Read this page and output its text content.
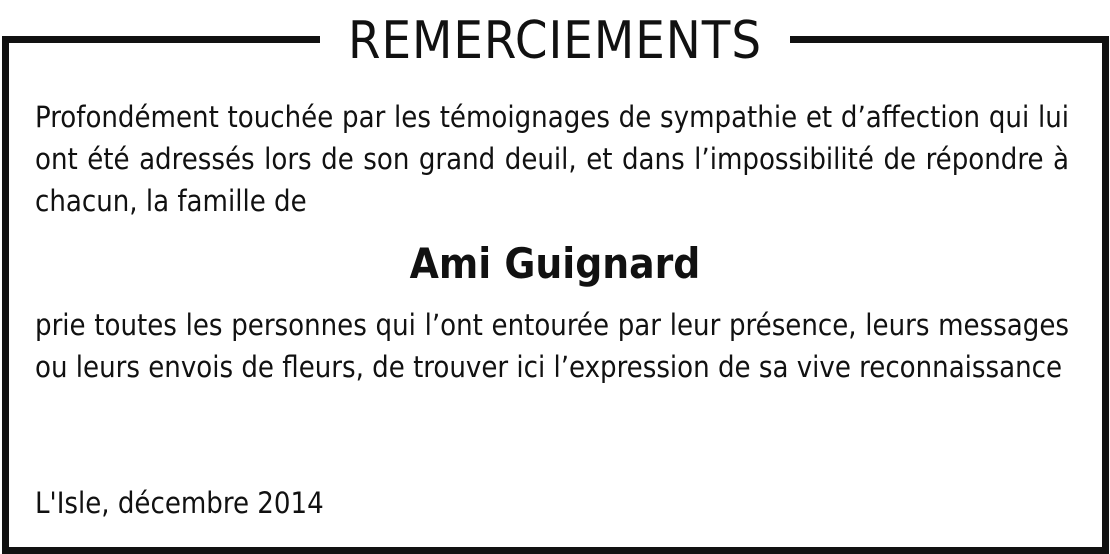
REMERCIEMENTS

Profondément touchée par les témoignages de sympathie et d’affection qui lui ont été adressés lors de son grand deuil, et dans l’impossibilité de répondre à chacun, la famille de

Ami Guignard

prie toutes les personnes qui l’ont entourée par leur présence, leurs messages ou leurs envois de fleurs, de trouver ici l’expression de sa vive reconnaissance

L'Isle, décembre 2014
